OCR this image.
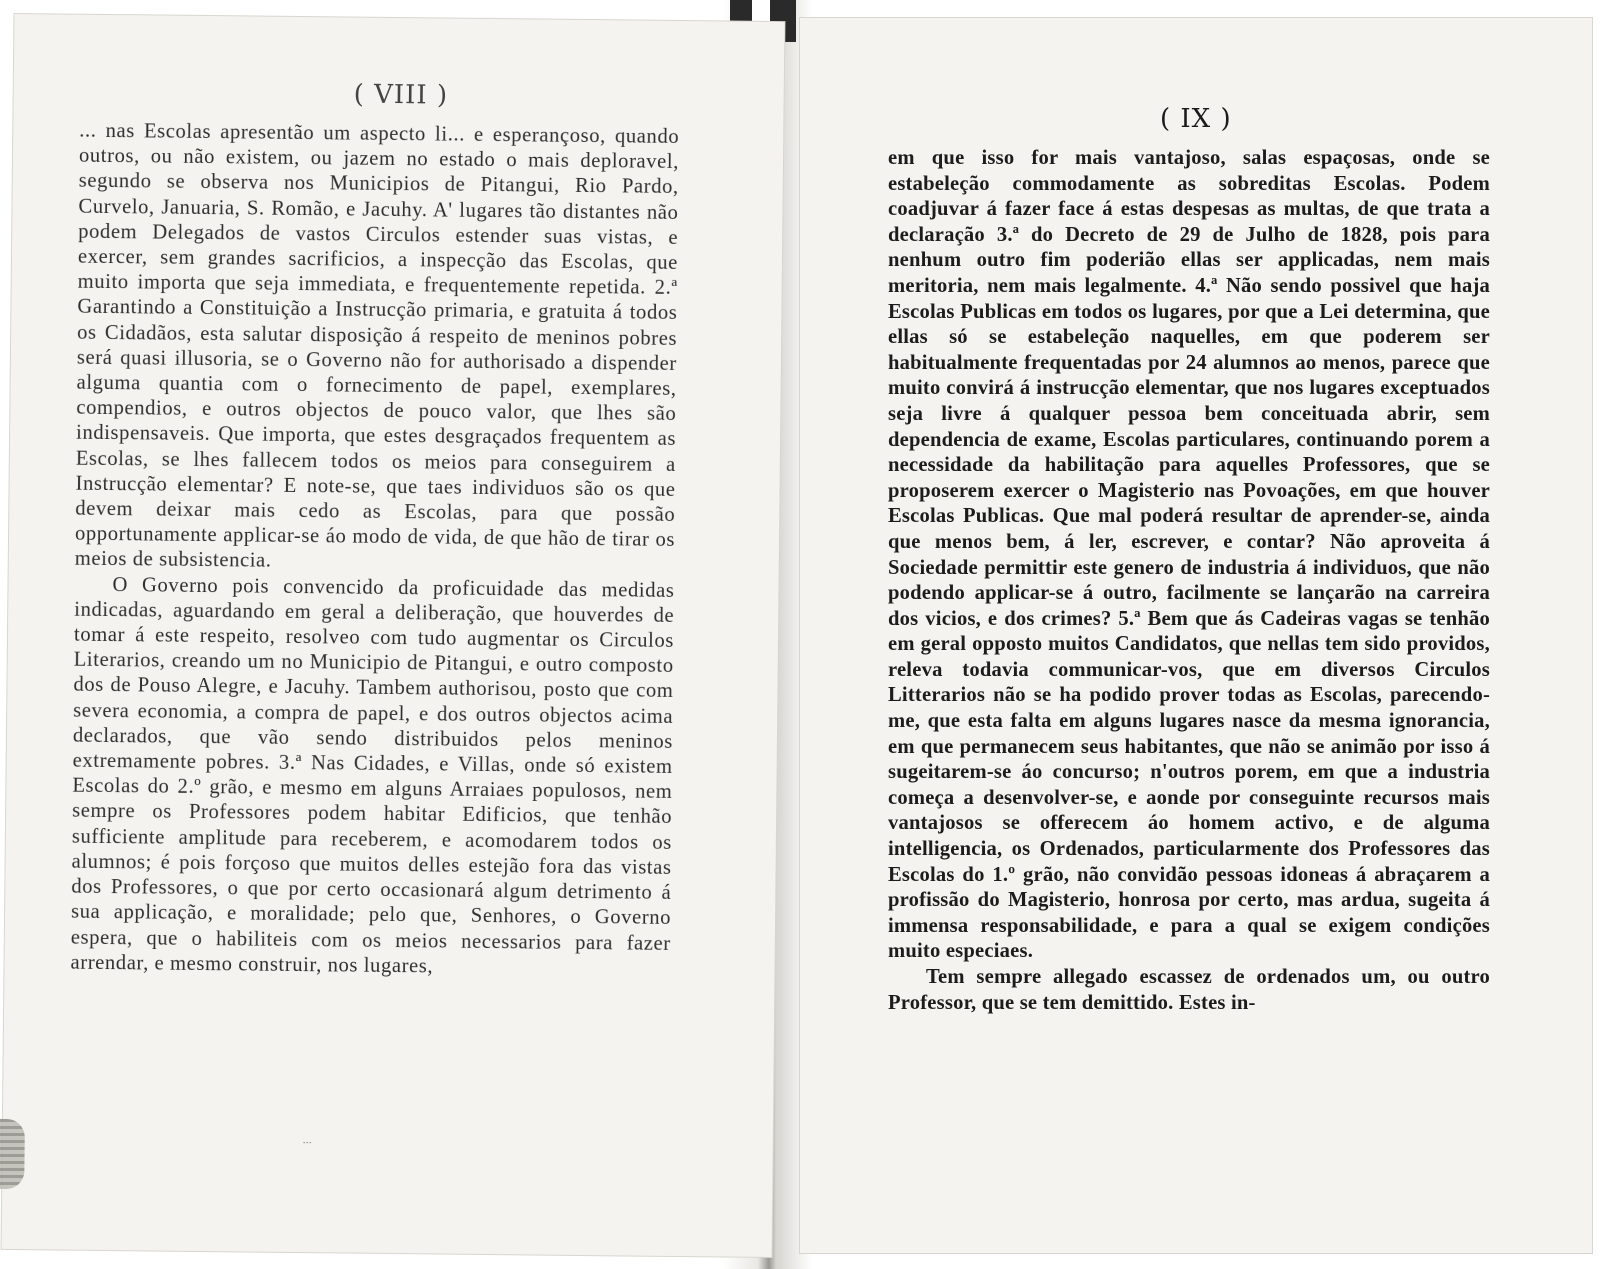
( VIII )

... nas Escolas apresentão um aspecto li... e esperançoso, quando outros, ou não existem, ou jazem no estado o mais deploravel, segundo se observa nos Municipios de Pitangui, Rio Pardo, Curvelo, Januaria, S. Romão, e Jacuhy. A' lugares tão distantes não podem Delegados de vastos Circulos estender suas vistas, e exercer, sem grandes sacrificios, a inspecção das Escolas, que muito importa que seja immediata, e frequentemente repetida. 2.ª Garantindo a Constituição a Instrucção primaria, e gratuita á todos os Cidadãos, esta salutar disposição á respeito de meninos pobres será quasi illusoria, se o Governo não for authorisado a dispender alguma quantia com o fornecimento de papel, exemplares, compendios, e outros objectos de pouco valor, que lhes são indispensaveis. Que importa, que estes desgraçados frequentem as Escolas, se lhes fallecem todos os meios para conseguirem a Instrucção elementar? E note-se, que taes individuos são os que devem deixar mais cedo as Escolas, para que possão opportunamente applicar-se áo modo de vida, de que hão de tirar os meios de subsistencia.

O Governo pois convencido da proficuidade das medidas indicadas, aguardando em geral a deliberação, que houverdes de tomar á este respeito, resolveo com tudo augmentar os Circulos Literarios, creando um no Municipio de Pitangui, e outro composto dos de Pouso Alegre, e Jacuhy. Tambem authorisou, posto que com severa economia, a compra de papel, e dos outros objectos acima declarados, que vão sendo distribuidos pelos meninos extremamente pobres. 3.ª Nas Cidades, e Villas, onde só existem Escolas do 2.º grão, e mesmo em alguns Arraiaes populosos, nem sempre os Professores podem habitar Edificios, que tenhão sufficiente amplitude para receberem, e acomodarem todos os alumnos; é pois forçoso que muitos delles estejão fora das vistas dos Professores, o que por certo occasionará algum detrimento á sua applicação, e moralidade; pelo que, Senhores, o Governo espera, que o habiliteis com os meios necessarios para fazer arrendar, e mesmo construir, nos lugares,

...
( IX )

em que isso for mais vantajoso, salas espaçosas, onde se estabeleção commodamente as sobreditas Escolas. Podem coadjuvar á fazer face á estas despesas as multas, de que trata a declaração 3.ª do Decreto de 29 de Julho de 1828, pois para nenhum outro fim poderião ellas ser applicadas, nem mais meritoria, nem mais legalmente. 4.ª Não sendo possivel que haja Escolas Publicas em todos os lugares, por que a Lei determina, que ellas só se estabeleção naquelles, em que poderem ser habitualmente frequentadas por 24 alumnos ao menos, parece que muito convirá á instrucção elementar, que nos lugares exceptuados seja livre á qualquer pessoa bem conceituada abrir, sem dependencia de exame, Escolas particulares, continuando porem a necessidade da habilitação para aquelles Professores, que se proposerem exercer o Magisterio nas Povoações, em que houver Escolas Publicas. Que mal poderá resultar de aprender-se, ainda que menos bem, á ler, escrever, e contar? Não aproveita á Sociedade permittir este genero de industria á individuos, que não podendo applicar-se á outro, facilmente se lançarão na carreira dos vicios, e dos crimes? 5.ª Bem que ás Cadeiras vagas se tenhão em geral opposto muitos Candidatos, que nellas tem sido providos, releva todavia communicar-vos, que em diversos Circulos Litterarios não se ha podido prover todas as Escolas, parecendo-me, que esta falta em alguns lugares nasce da mesma ignorancia, em que permanecem seus habitantes, que não se animão por isso á sugeitarem-se áo concurso; n'outros porem, em que a industria começa a desenvolver-se, e aonde por conseguinte recursos mais vantajosos se offerecem áo homem activo, e de alguma intelligencia, os Ordenados, particularmente dos Professores das Escolas do 1.º grão, não convidão pessoas idoneas á abraçarem a profissão do Magisterio, honrosa por certo, mas ardua, sugeita á immensa responsabilidade, e para a qual se exigem condições muito especiaes.

Tem sempre allegado escassez de ordenados um, ou outro Professor, que se tem demittido. Estes in-
